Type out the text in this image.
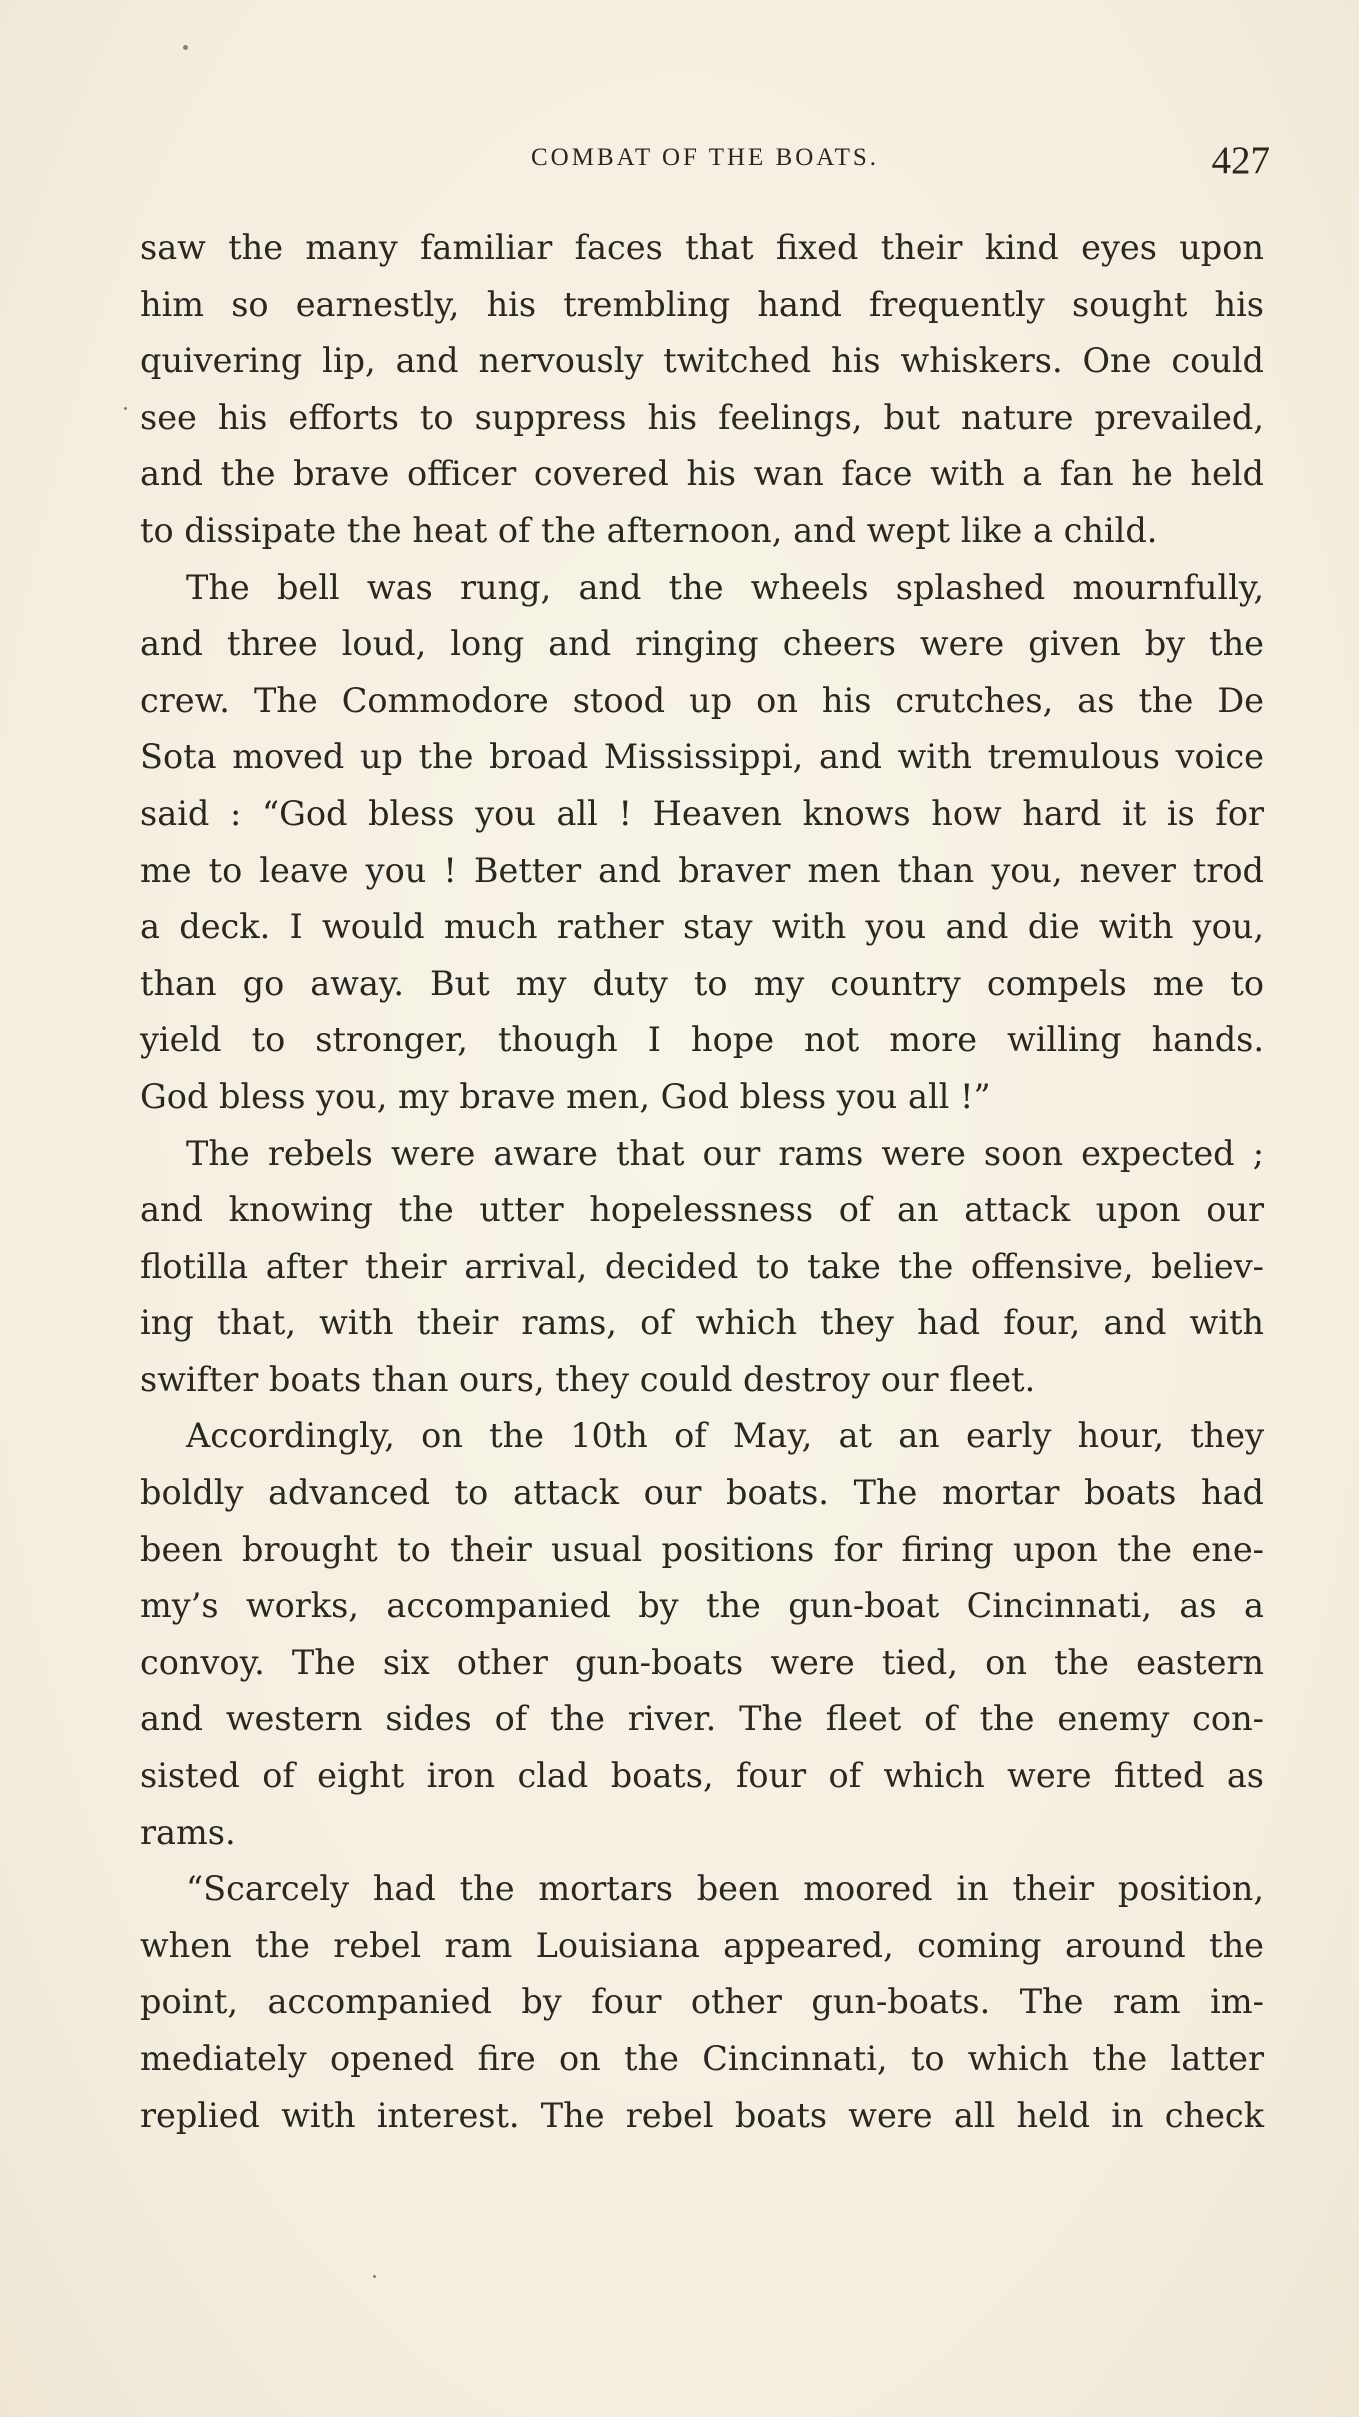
COMBAT OF THE BOATS.	427
saw the many familiar faces that fixed their kind eyes upon
him so earnestly, his trembling hand frequently sought his
quivering lip, and nervously twitched his whiskers. One could
see his efforts to suppress his feelings, but nature prevailed,
and the brave officer covered his wan face with a fan he held
to dissipate the heat of the afternoon, and wept like a child.
The bell was rung, and the wheels splashed mournfully,
and three loud, long and ringing cheers were given by the
crew. The Commodore stood up on his crutches, as the De
Sota moved up the broad Mississippi, and with tremulous voice
said : “God bless you all ! Heaven knows how hard it is for
me to leave you ! Better and braver men than you, never trod
a deck. I would much rather stay with you and die with you,
than go away. But my duty to my country compels me to
yield to stronger, though I hope not more willing hands.
God bless you, my brave men, God bless you all !”
The rebels were aware that our rams were soon expected ;
and knowing the utter hopelessness of an attack upon our
flotilla after their arrival, decided to take the offensive, believ-
ing that, with their rams, of which they had four, and with
swifter boats than ours, they could destroy our fleet.
Accordingly, on the 10th of May, at an early hour, they
boldly advanced to attack our boats. The mortar boats had
been brought to their usual positions for firing upon the ene-
my’s works, accompanied by the gun-boat Cincinnati, as a
convoy. The six other gun-boats were tied, on the eastern
and western sides of the river. The fleet of the enemy con-
sisted of eight iron clad boats, four of which were fitted as
rams.
“Scarcely had the mortars been moored in their position,
when the rebel ram Louisiana appeared, coming around the
point, accompanied by four other gun-boats. The ram im-
mediately opened fire on the Cincinnati, to which the latter
replied with interest. The rebel boats were all held in check
